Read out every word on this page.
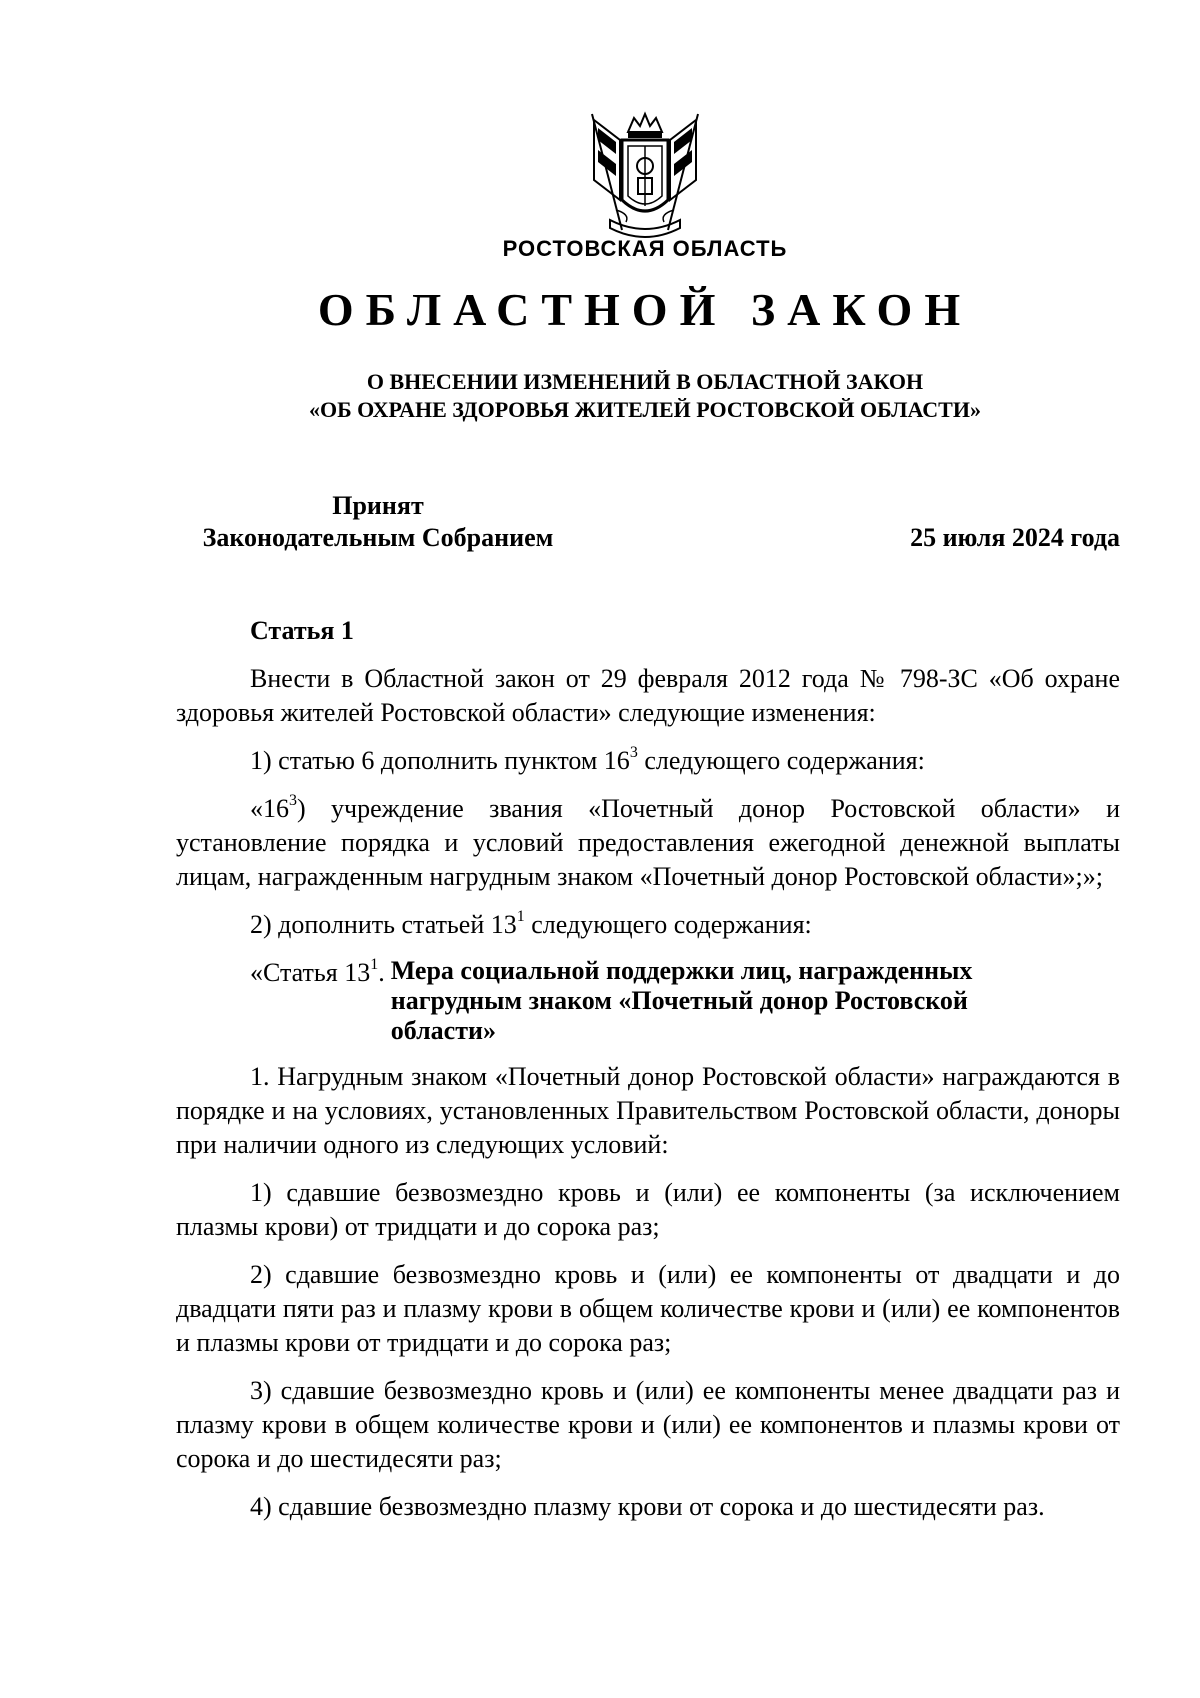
РОСТОВСКАЯ ОБЛАСТЬ
ОБЛАСТНОЙ ЗАКОН
О ВНЕСЕНИИ ИЗМЕНЕНИЙ В ОБЛАСТНОЙ ЗАКОН
«ОБ ОХРАНЕ ЗДОРОВЬЯ ЖИТЕЛЕЙ РОСТОВСКОЙ ОБЛАСТИ»
Принят
Законодательным Собранием	25 июля 2024 года
Статья 1
Внести в Областной закон от 29 февраля 2012 года № 798-ЗС «Об охране здоровья жителей Ростовской области» следующие изменения:
1) статью 6 дополнить пунктом $16^3$ следующего содержания:
«$16^3$) учреждение звания «Почетный донор Ростовской области» и установление порядка и условий предоставления ежегодной денежной выплаты лицам, награжденным нагрудным знаком «Почетный донор Ростовской области»;»;
2) дополнить статьей $13^1$ следующего содержания:
«Статья $13^1$. Мера социальной поддержки лиц, награжденных нагрудным знаком «Почетный донор Ростовской области»
1. Нагрудным знаком «Почетный донор Ростовской области» награждаются в порядке и на условиях, установленных Правительством Ростовской области, доноры при наличии одного из следующих условий:
1) сдавшие безвозмездно кровь и (или) ее компоненты (за исключением плазмы крови) от тридцати и до сорока раз;
2) сдавшие безвозмездно кровь и (или) ее компоненты от двадцати и до двадцати пяти раз и плазму крови в общем количестве крови и (или) ее компонентов и плазмы крови от тридцати и до сорока раз;
3) сдавшие безвозмездно кровь и (или) ее компоненты менее двадцати раз и плазму крови в общем количестве крови и (или) ее компонентов и плазмы крови от сорока и до шестидесяти раз;
4) сдавшие безвозмездно плазму крови от сорока и до шестидесяти раз.
